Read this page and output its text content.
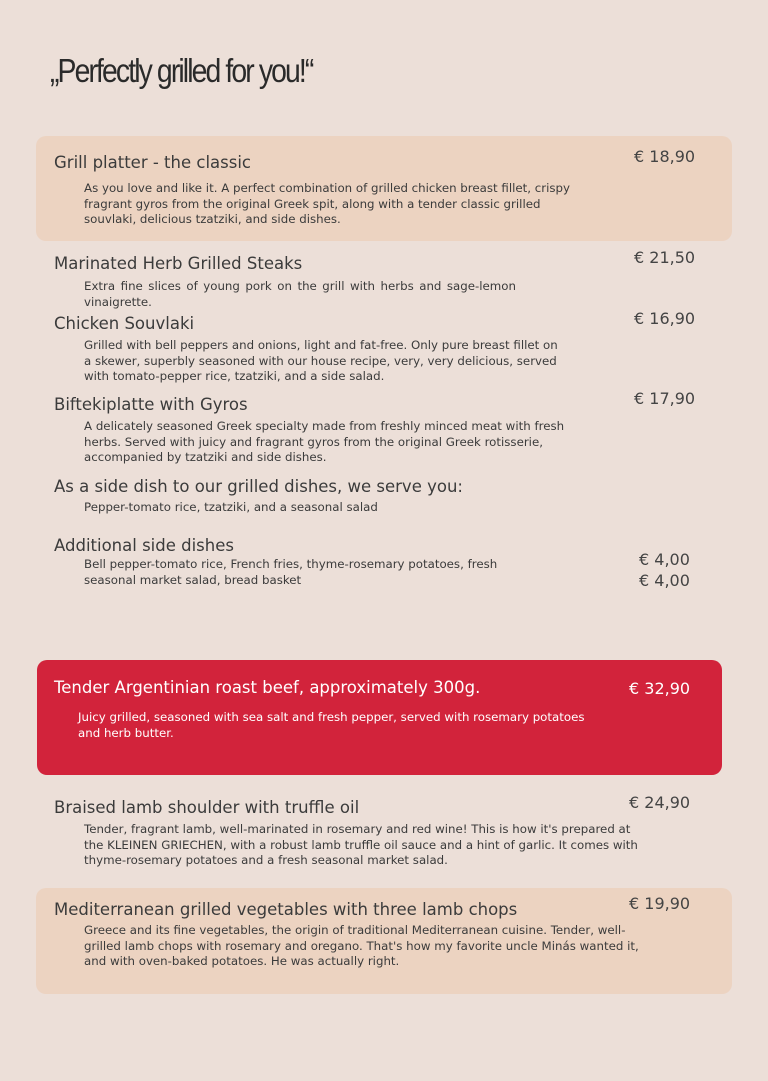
„Perfectly grilled for you!“
Grill platter - the classic	€ 18,90
As you love and like it. A perfect combination of grilled chicken breast fillet, crispy fragrant gyros from the original Greek spit, along with a tender classic grilled souvlaki, delicious tzatziki, and side dishes.
Marinated Herb Grilled Steaks	€ 21,50
Extra fine slices of young pork on the grill with herbs and sage-lemon vinaigrette.
Chicken Souvlaki	€ 16,90
Grilled with bell peppers and onions, light and fat-free. Only pure breast fillet on a skewer, superbly seasoned with our house recipe, very, very delicious, served with tomato-pepper rice, tzatziki, and a side salad.
Biftekiplatte with Gyros	€ 17,90
A delicately seasoned Greek specialty made from freshly minced meat with fresh herbs. Served with juicy and fragrant gyros from the original Greek rotisserie, accompanied by tzatziki and side dishes.
As a side dish to our grilled dishes, we serve you:
Pepper-tomato rice, tzatziki, and a seasonal salad
Additional side dishes
Bell pepper-tomato rice, French fries, thyme-rosemary potatoes, fresh seasonal market salad, bread basket
€ 4,00
€ 4,00
Tender Argentinian roast beef, approximately 300g.	€ 32,90
Juicy grilled, seasoned with sea salt and fresh pepper, served with rosemary potatoes and herb butter.
Braised lamb shoulder with truffle oil	€ 24,90
Tender, fragrant lamb, well-marinated in rosemary and red wine! This is how it's prepared at the KLEINEN GRIECHEN, with a robust lamb truffle oil sauce and a hint of garlic. It comes with thyme-rosemary potatoes and a fresh seasonal market salad.
Mediterranean grilled vegetables with three lamb chops	€ 19,90
Greece and its fine vegetables, the origin of traditional Mediterranean cuisine. Tender, well-grilled lamb chops with rosemary and oregano. That's how my favorite uncle Minás wanted it, and with oven-baked potatoes. He was actually right.
